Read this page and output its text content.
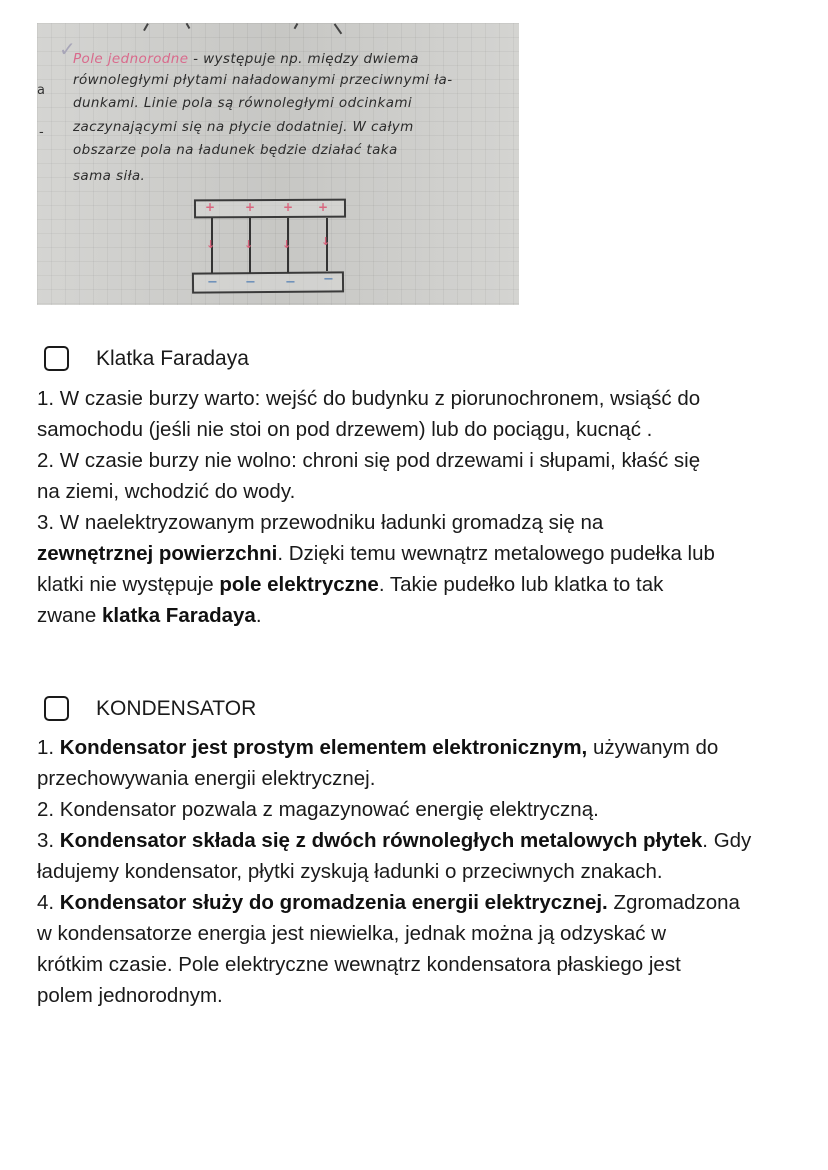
✓
a
-
Pole jednorodne - występuje np. między dwiema
równoległymi płytami naładowanymi przeciwnymi ła-
dunkami. Linie pola są równoległymi odcinkami
zaczynającymi się na płycie dodatniej. W całym
obszarze pola na ładunek będzie działać taka
sama siła.
+ + + +
↓	↓	↓	↓
− − − −
Klatka Faradaya
1. W czasie burzy warto: wejść do budynku z piorunochronem, wsiąść do
samochodu (jeśli nie stoi on pod drzewem) lub do pociągu, kucnąć .
2. W czasie burzy nie wolno: chroni się pod drzewami i słupami, kłaść się
na ziemi, wchodzić do wody.
3. W naelektryzowanym przewodniku ładunki gromadzą się na
zewnętrznej powierzchni. Dzięki temu wewnątrz metalowego pudełka lub
klatki nie występuje pole elektryczne. Takie pudełko lub klatka to tak
zwane klatka Faradaya.
KONDENSATOR
1. Kondensator jest prostym elementem elektronicznym, używanym do
przechowywania energii elektrycznej.
2. Kondensator pozwala z magazynować energię elektryczną.
3. Kondensator składa się z dwóch równoległych metalowych płytek. Gdy
ładujemy kondensator, płytki zyskują ładunki o przeciwnych znakach.
4. Kondensator służy do gromadzenia energii elektrycznej. Zgromadzona
w kondensatorze energia jest niewielka, jednak można ją odzyskać w
krótkim czasie. Pole elektryczne wewnątrz kondensatora płaskiego jest
polem jednorodnym.
